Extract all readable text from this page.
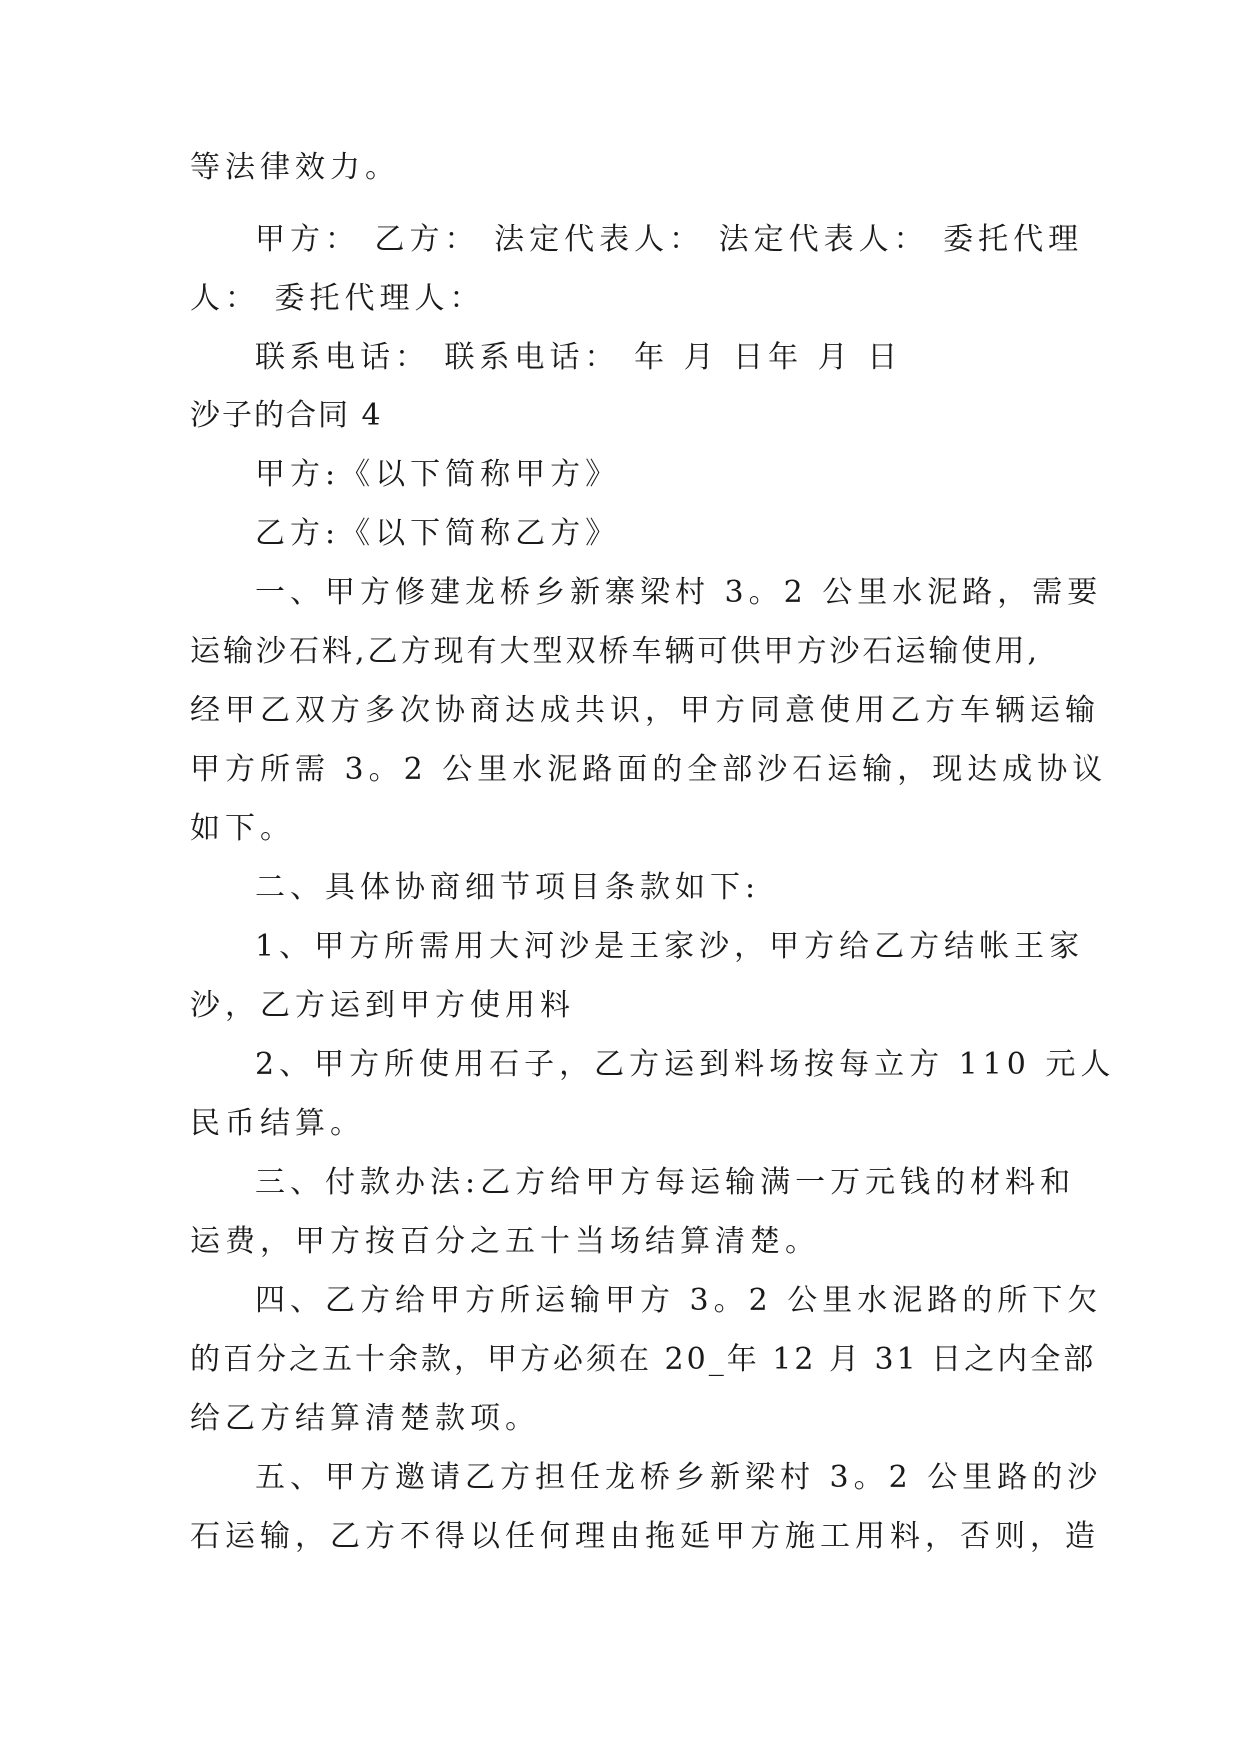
等法律效力。
甲方： 乙方： 法定代表人： 法定代表人： 委托代理
人： 委托代理人：
联系电话： 联系电话： 年 月 日年 月 日
沙子的合同 4
甲方:《以下简称甲方》
乙方:《以下简称乙方》
一、甲方修建龙桥乡新寨梁村 3。2 公里水泥路，需要
运输沙石料,乙方现有大型双桥车辆可供甲方沙石运输使用,
经甲乙双方多次协商达成共识，甲方同意使用乙方车辆运输
甲方所需 3。2 公里水泥路面的全部沙石运输，现达成协议
如下。
二、具体协商细节项目条款如下:
1、甲方所需用大河沙是王家沙，甲方给乙方结帐王家
沙，乙方运到甲方使用料
2、甲方所使用石子，乙方运到料场按每立方 110 元人
民币结算。
三、付款办法:乙方给甲方每运输满一万元钱的材料和
运费，甲方按百分之五十当场结算清楚。
四、乙方给甲方所运输甲方 3。2 公里水泥路的所下欠
的百分之五十余款，甲方必须在 20_年 12 月 31 日之内全部
给乙方结算清楚款项。
五、甲方邀请乙方担任龙桥乡新梁村 3。2 公里路的沙
石运输，乙方不得以任何理由拖延甲方施工用料，否则，造
